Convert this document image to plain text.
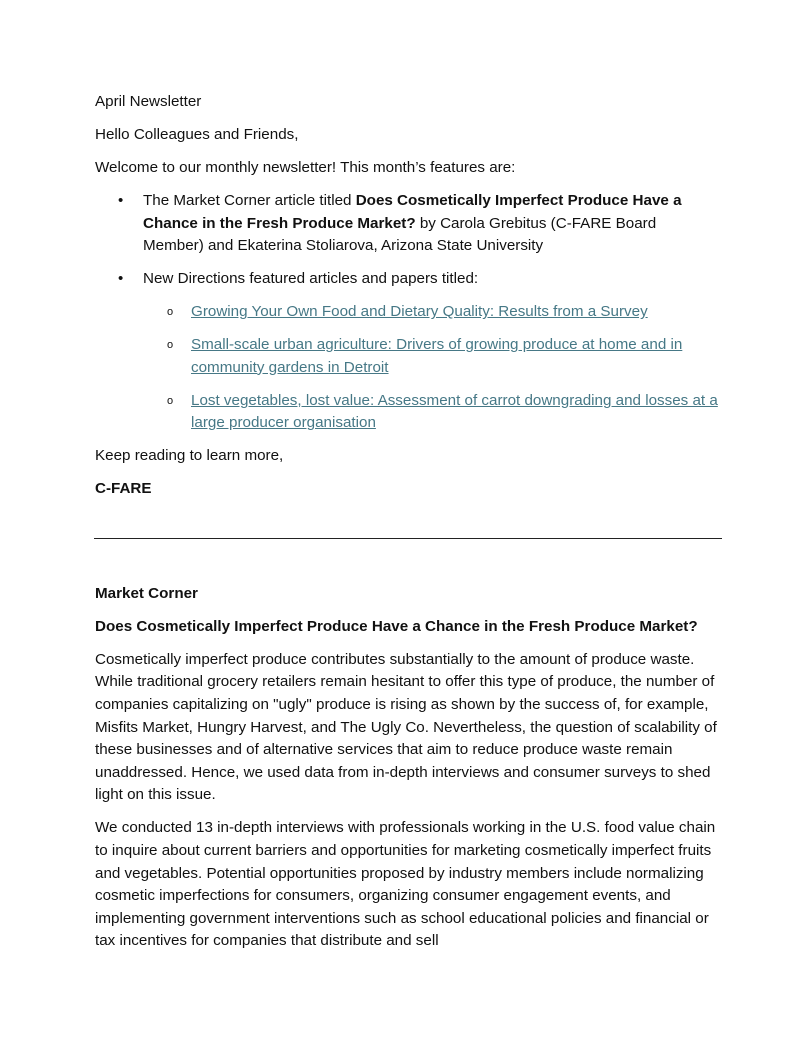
April Newsletter

Hello Colleagues and Friends,

Welcome to our monthly newsletter! This month’s features are:

• The Market Corner article titled Does Cosmetically Imperfect Produce Have a Chance in the Fresh Produce Market? by Carola Grebitus (C-FARE Board Member) and Ekaterina Stoliarova, Arizona State University
• New Directions featured articles and papers titled:
o Growing Your Own Food and Dietary Quality: Results from a Survey
o Small-scale urban agriculture: Drivers of growing produce at home and in community gardens in Detroit
o Lost vegetables, lost value: Assessment of carrot downgrading and losses at a large producer organisation

Keep reading to learn more,

C-FARE

Market Corner

Does Cosmetically Imperfect Produce Have a Chance in the Fresh Produce Market?

Cosmetically imperfect produce contributes substantially to the amount of produce waste. While traditional grocery retailers remain hesitant to offer this type of produce, the number of companies capitalizing on "ugly" produce is rising as shown by the success of, for example, Misfits Market, Hungry Harvest, and The Ugly Co. Nevertheless, the question of scalability of these businesses and of alternative services that aim to reduce produce waste remain unaddressed. Hence, we used data from in-depth interviews and consumer surveys to shed light on this issue.

We conducted 13 in-depth interviews with professionals working in the U.S. food value chain to inquire about current barriers and opportunities for marketing cosmetically imperfect fruits and vegetables. Potential opportunities proposed by industry members include normalizing cosmetic imperfections for consumers, organizing consumer engagement events, and implementing government interventions such as school educational policies and financial or tax incentives for companies that distribute and sell
